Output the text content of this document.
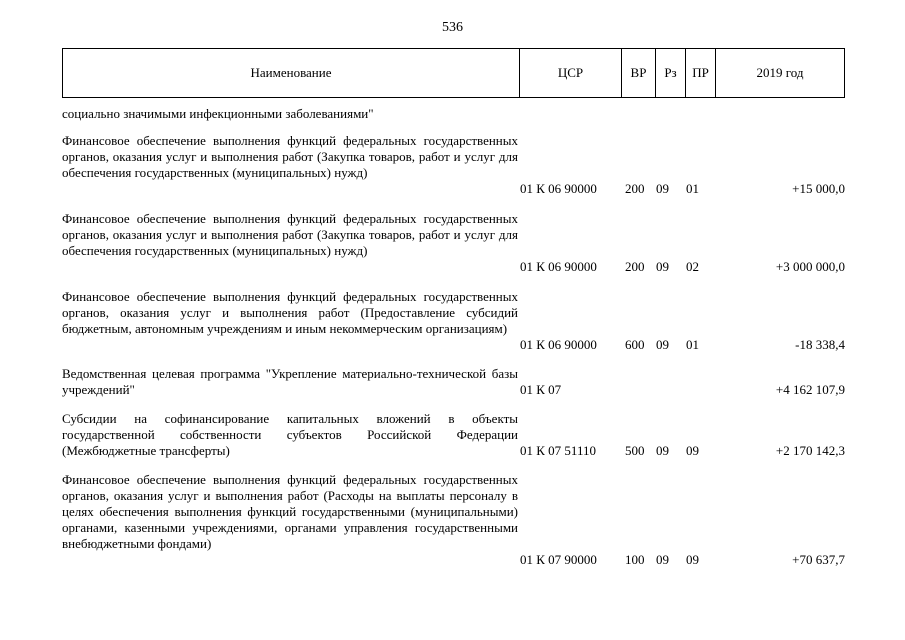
536
Наименование	ЦСР	ВР	Рз	ПР	2019 год
социально значимыми инфекционными заболеваниями"
Финансовое обеспечение выполнения функций федеральных государственных органов, оказания услуг и выполнения работ (Закупка товаров, работ и услуг для обеспечения государственных (муниципальных) нужд)
01 К 06 90000	200 09	01	+15 000,0
Финансовое обеспечение выполнения функций федеральных государственных органов, оказания услуг и выполнения работ (Закупка товаров, работ и услуг для обеспечения государственных (муниципальных) нужд)
01 К 06 90000	200 09	02	+3 000 000,0
Финансовое обеспечение выполнения функций федеральных государственных органов, оказания услуг и выполнения работ (Предоставление субсидий бюджетным, автономным учреждениям и иным некоммерческим организациям)
01 К 06 90000	600 09	01	-18 338,4
Ведомственная целевая программа "Укрепление материально-технической базы учреждений"	01 К 07	+4 162 107,9
Субсидии на софинансирование капитальных вложений в объекты государственной собственности субъектов Российской Федерации (Межбюджетные трансферты)	01 К 07 51110	500 09	09	+2 170 142,3
Финансовое обеспечение выполнения функций федеральных государственных органов, оказания услуг и выполнения работ (Расходы на выплаты персоналу в целях обеспечения выполнения функций государственными (муниципальными) органами, казенными учреждениями, органами управления государственными внебюджетными фондами)
01 К 07 90000	100 09	09	+70 637,7
